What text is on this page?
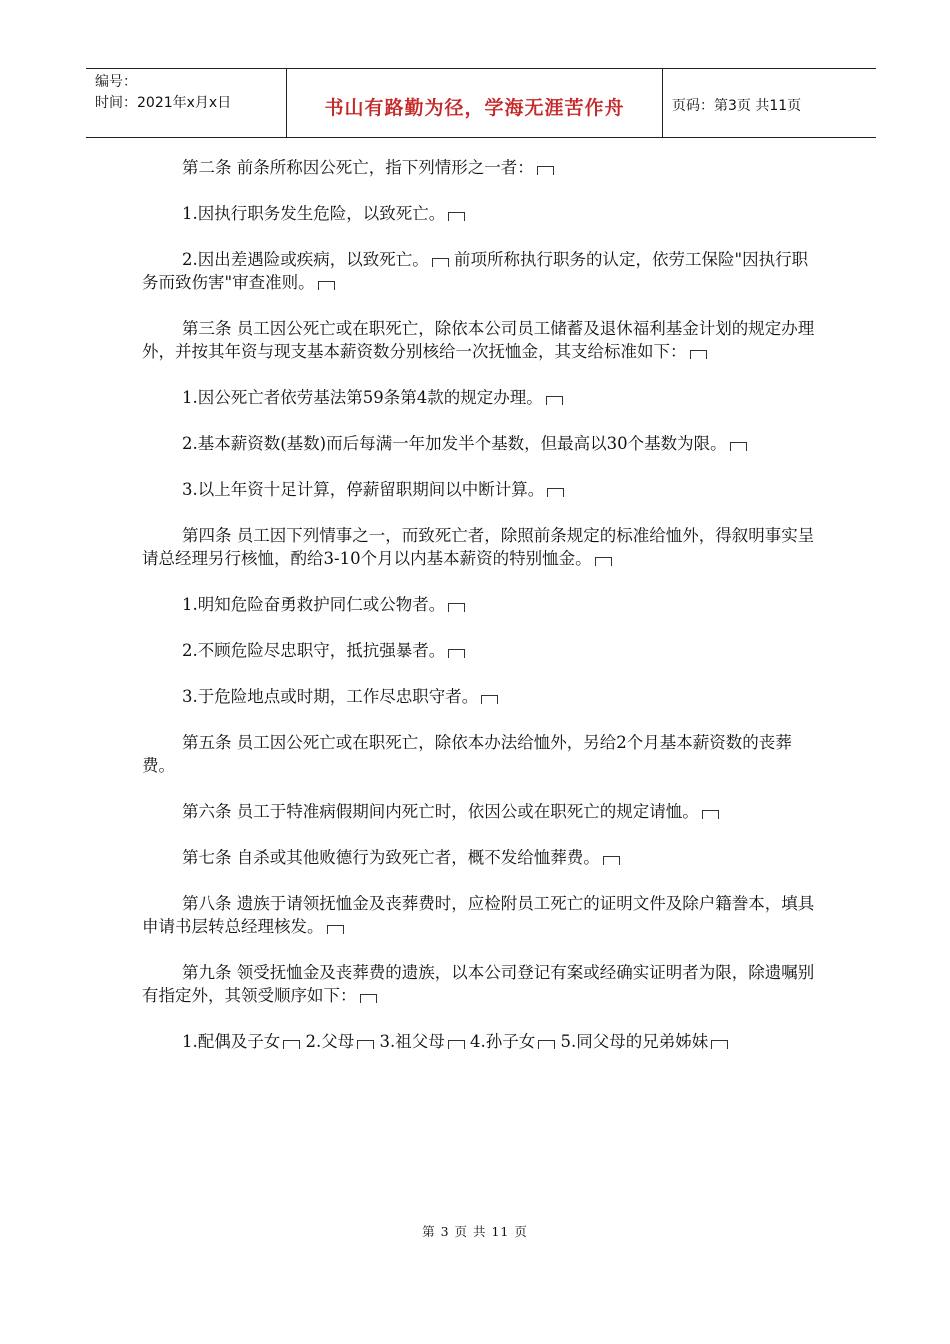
编号：
时间：2021年x月x日	书山有路勤为径，学海无涯苦作舟	页码：第3页 共11页

第二条 前条所称因公死亡，指下列情形之一者：

1.因执行职务发生危险，以致死亡。

2.因出差遇险或疾病，以致死亡。 前项所称执行职务的认定，依劳工保险"因执行职务而致伤害"审查准则。

第三条 员工因公死亡或在职死亡，除依本公司员工储蓄及退休福利基金计划的规定办理外，并按其年资与现支基本薪资数分别核给一次抚恤金，其支给标准如下：

1.因公死亡者依劳基法第59条第4款的规定办理。

2.基本薪资数(基数)而后每满一年加发半个基数，但最高以30个基数为限。

3.以上年资十足计算，停薪留职期间以中断计算。

第四条 员工因下列情事之一，而致死亡者，除照前条规定的标准给恤外，得叙明事实呈请总经理另行核恤，酌给3-10个月以内基本薪资的特别恤金。

1.明知危险奋勇救护同仁或公物者。

2.不顾危险尽忠职守，抵抗强暴者。

3.于危险地点或时期，工作尽忠职守者。

第五条 员工因公死亡或在职死亡，除依本办法给恤外，另给2个月基本薪资数的丧葬费。

第六条 员工于特准病假期间内死亡时，依因公或在职死亡的规定请恤。

第七条 自杀或其他败德行为致死亡者，概不发给恤葬费。

第八条 遗族于请领抚恤金及丧葬费时，应检附员工死亡的证明文件及除户籍誊本，填具申请书层转总经理核发。

第九条 领受抚恤金及丧葬费的遗族，以本公司登记有案或经确实证明者为限，除遗嘱别有指定外，其领受顺序如下：

1.配偶及子女 2.父母 3.祖父母 4.孙子女 5.同父母的兄弟姊妹

第 3 页 共 11 页
